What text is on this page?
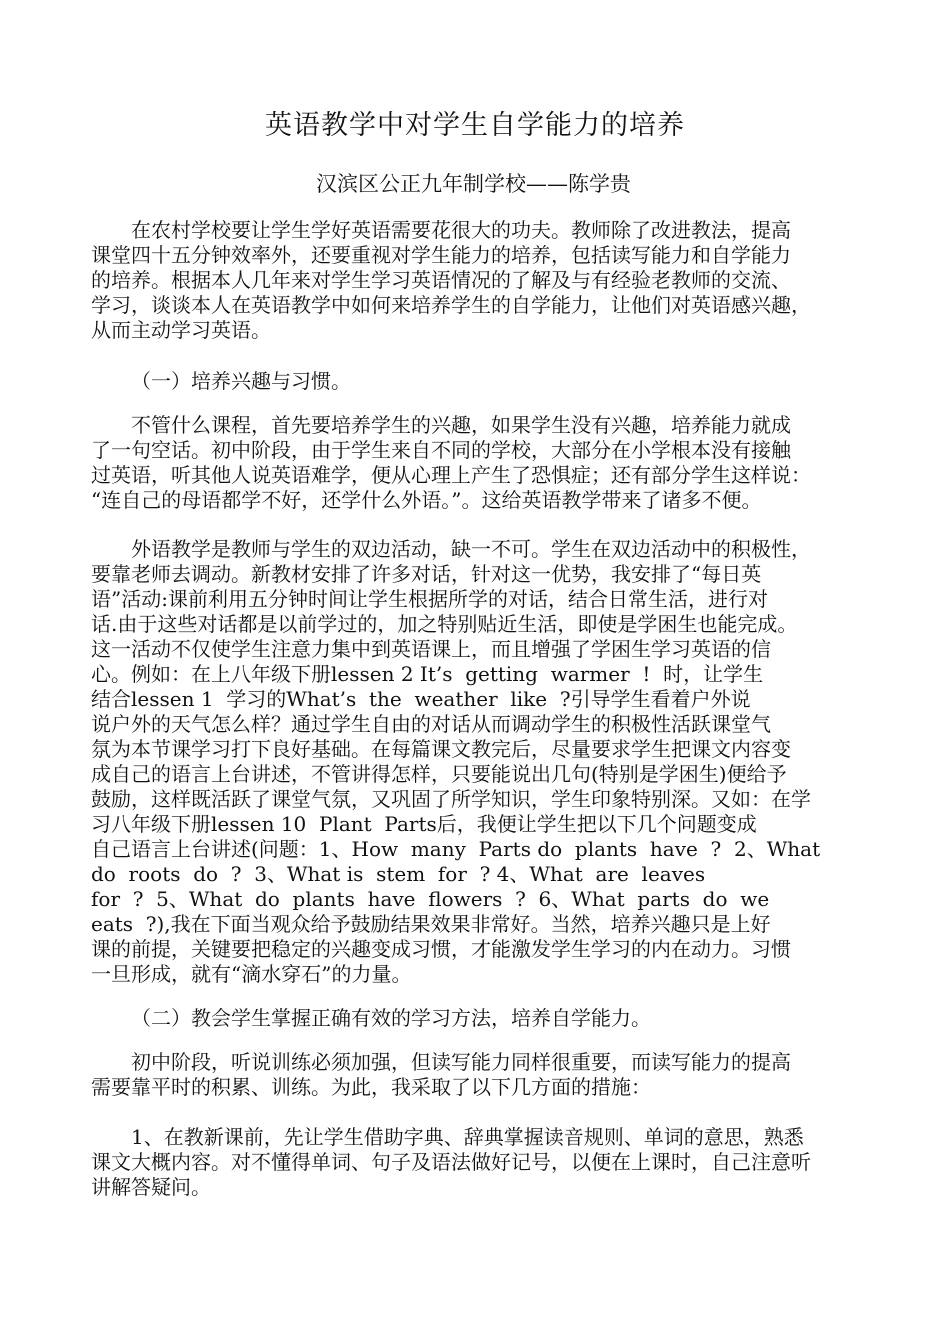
英语教学中对学生自学能力的培养
汉滨区公正九年制学校——陈学贵
　　在农村学校要让学生学好英语需要花很大的功夫。教师除了改进教法，提高
课堂四十五分钟效率外，还要重视对学生能力的培养，包括读写能力和自学能力
的培养。根据本人几年来对学生学习英语情况的了解及与有经验老教师的交流、
学习，谈谈本人在英语教学中如何来培养学生的自学能力，让他们对英语感兴趣，
从而主动学习英语。
（一）培养兴趣与习惯。
　　不管什么课程，首先要培养学生的兴趣，如果学生没有兴趣，培养能力就成
了一句空话。初中阶段，由于学生来自不同的学校，大部分在小学根本没有接触
过英语，听其他人说英语难学，便从心理上产生了恐惧症；还有部分学生这样说：
“连自己的母语都学不好，还学什么外语。”。这给英语教学带来了诸多不便。
　　外语教学是教师与学生的双边活动，缺一不可。学生在双边活动中的积极性，
要靠老师去调动。新教材安排了许多对话，针对这一优势，我安排了“每日英
语”活动:课前利用五分钟时间让学生根据所学的对话，结合日常生活，进行对
话.由于这些对话都是以前学过的，加之特别贴近生活，即使是学困生也能完成。
这一活动不仅使学生注意力集中到英语课上，而且增强了学困生学习英语的信
心。例如：在上八年级下册lessen 2 It’s  getting  warmer  !  时，让学生
结合lessen 1  学习的What’s  the  weather  like  ?引导学生看着户外说
说户外的天气怎么样？通过学生自由的对话从而调动学生的积极性活跃课堂气
氛为本节课学习打下良好基础。在每篇课文教完后，尽量要求学生把课文内容变
成自己的语言上台讲述，不管讲得怎样，只要能说出几句(特别是学困生)便给予
鼓励，这样既活跃了课堂气氛，又巩固了所学知识，学生印象特别深。又如：在学
习八年级下册lessen 10  Plant  Parts后，我便让学生把以下几个问题变成
自己语言上台讲述(问题：1、How  many  Parts do  plants  have  ?  2、What
do  roots  do  ?  3、What is  stem  for  ? 4、What  are  leaves
for  ?  5、What  do  plants  have  flowers  ?  6、What  parts  do  we
eats  ?),我在下面当观众给予鼓励结果效果非常好。当然，培养兴趣只是上好
课的前提，关键要把稳定的兴趣变成习惯，才能激发学生学习的内在动力。习惯
一旦形成，就有“滴水穿石”的力量。
（二）教会学生掌握正确有效的学习方法，培养自学能力。
　　初中阶段，听说训练必须加强，但读写能力同样很重要，而读写能力的提高
需要靠平时的积累、训练。为此，我采取了以下几方面的措施：
　　1、在教新课前，先让学生借助字典、辞典掌握读音规则、单词的意思，熟悉
课文大概内容。对不懂得单词、句子及语法做好记号，以便在上课时，自己注意听
讲解答疑问。
